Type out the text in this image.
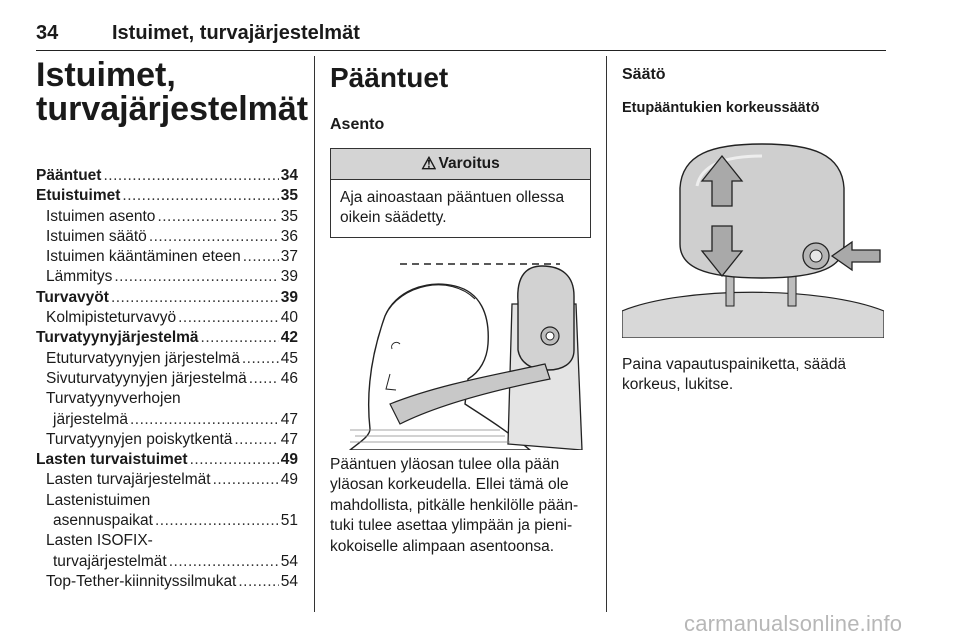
34	Istuimet, turvajärjestelmät
Istuimet,
turvajärjestelmät
Pääntuet .....	34
Etuistuimet .....	35
Istuimen asento .....	35
Istuimen säätö .....	36
Istuimen kääntäminen eteen .....	37
Lämmitys .....	39
Turvavyöt .....	39
Kolmipisteturvavyö .....	40
Turvatyynyjärjestelmä .....	42
Etuturvatyynyjen järjestelmä .....	45
Sivuturvatyynyjen järjestelmä ..... 46
Turvatyynyverhojen
järjestelmä .....	47
Turvatyynyjen poiskytkentä .....	47
Lasten turvaistuimet .....	49
Lasten turvajärjestelmät .....	49
Lastenistuimen
asennuspaikat .....	51
Lasten ISOFIX-
turvajärjestelmät .....	54
Top-Tether-kiinnityssilmukat .....	54
Pääntuet
Asento
⚠ Varoitus
Aja ainoastaan pääntuen ollessa oikein säädetty.
Pääntuen yläosan tulee olla pään yläosan korkeudella. Ellei tämä ole mahdollista, pitkälle henkilölle pääntuki tulee asettaa ylimpään ja pienikokoiselle alimpaan asentoonsa.
Säätö
Etupääntukien korkeussäätö
Paina vapautuspainiketta, säädä korkeus, lukitse.
carmanualsonline.info
